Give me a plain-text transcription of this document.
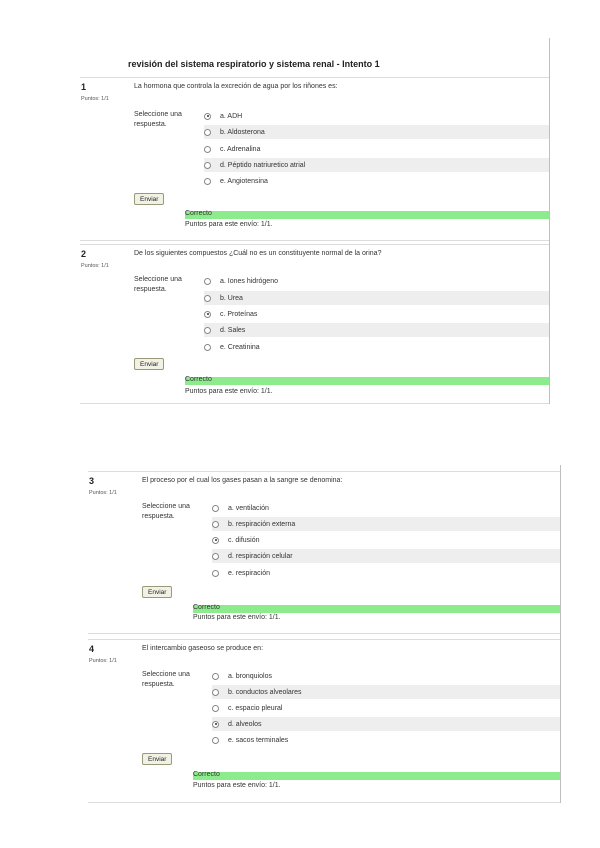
revisión del sistema respiratorio y sistema renal - Intento 1
1
Puntos: 1/1
La hormona que controla la excreción de agua por los riñones es:
Seleccione una respuesta.
a. ADH
b. Aldosterona
c. Adrenalina
d. Péptido natriuretico atrial
e. Angiotensina
Enviar
Correcto
Puntos para este envío: 1/1.
2
Puntos: 1/1
De los siguientes compuestos ¿Cuál no es un constituyente normal de la orina?
Seleccione una respuesta.
a. Iones hidrógeno
b. Urea
c. Proteínas
d. Sales
e. Creatinina
Enviar
Correcto
Puntos para este envío: 1/1.
3
Puntos: 1/1
El proceso por el cual los gases pasan a la sangre se denomina:
Seleccione una respuesta.
a. ventilación
b. respiración externa
c. difusión
d. respiración celular
e. respiración
Enviar
Correcto
Puntos para este envío: 1/1.
4
Puntos: 1/1
El intercambio gaseoso se produce en:
Seleccione una respuesta.
a. bronquiolos
b. conductos alveolares
c. espacio pleural
d. alveolos
e. sacos terminales
Enviar
Correcto
Puntos para este envío: 1/1.
